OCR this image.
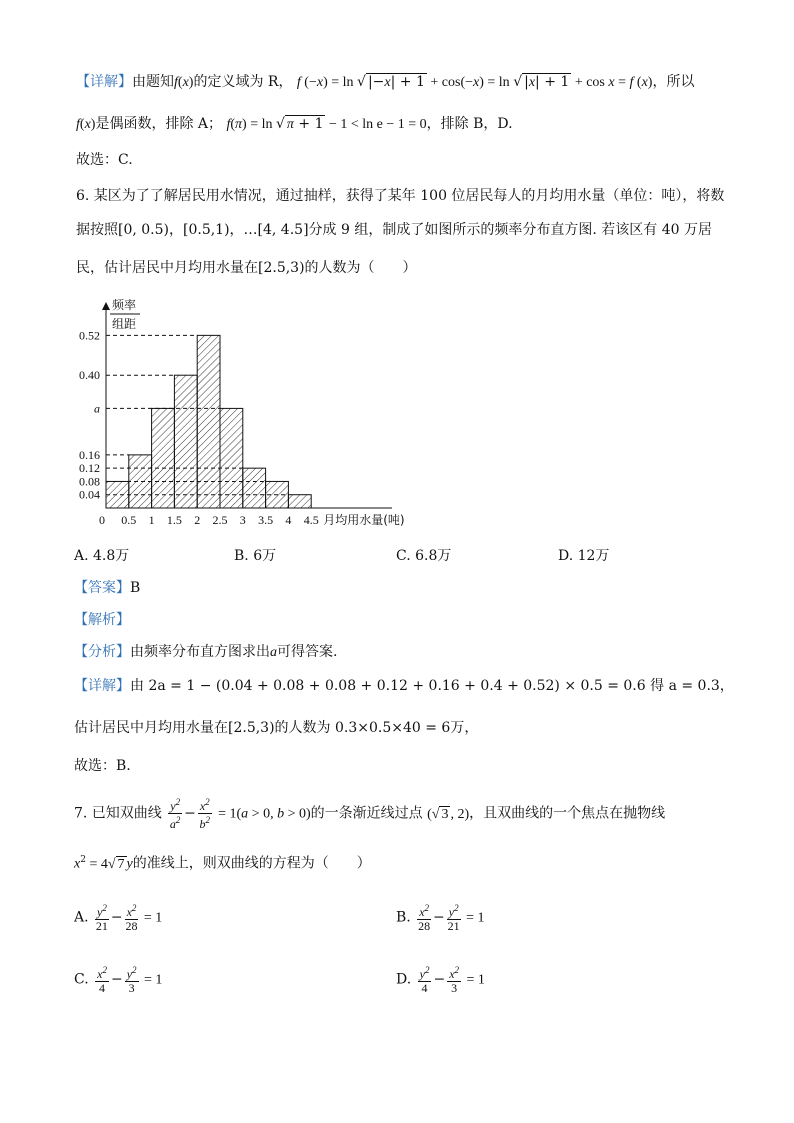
【详解】由题知f(x)的定义域为 R， f (−x) = ln √ |−x| + 1 + cos(−x) = ln √ |x| + 1 + cos x = f (x)，所以
f(x)是偶函数，排除 A； f(π) = ln √ π + 1 − 1 < ln e − 1 = 0，排除 B，D.
故选：C.
6. 某区为了了解居民用水情况，通过抽样，获得了某年 100 位居民每人的月均用水量（单位：吨），将数
据按照[0, 0.5)，[0.5,1)，…[4, 4.5]分成 9 组，制成了如图所示的频率分布直方图. 若该区有 40 万居
民，估计居民中月均用水量在[2.5,3)的人数为（　　）
0.52
0.40
a
0.16
0.12
0.08
0.04
0 0.5 1 1.5 2 2.5 3 3.5 4 4.5 月均用水量(吨)
频率
组距
A. 4.8万	B. 6万	C. 6.8万	D. 12万
【答案】B
【解析】
【分析】由频率分布直方图求出a可得答案.
【详解】由 2a = 1 − (0.04 + 0.08 + 0.08 + 0.12 + 0.16 + 0.4 + 0.52) × 0.5 = 0.6 得 a = 0.3，
估计居民中月均用水量在[2.5,3)的人数为 0.3×0.5×40 = 6万，
故选：B.
7. 已知双曲线 $\frac{y^2}{a^2} - \frac{x^2}{b^2} = 1(a > 0$, b > 0)的一条渐近线过点 (√ 3 , 2)，且双曲线的一个焦点在抛物线
$x^2 = 4√$ 7 y的准线上，则双曲线的方程为（　　）
A. $\frac{y^2}{21} - \frac{x^2}{28} = 1$	B. $\frac{x^2}{28} - \frac{y^2}{21} = 1$
C. $\frac{x^2}{4} - \frac{y^2}{3} = 1$	D. $\frac{y^2}{4} - \frac{x^2}{3} = 1$
